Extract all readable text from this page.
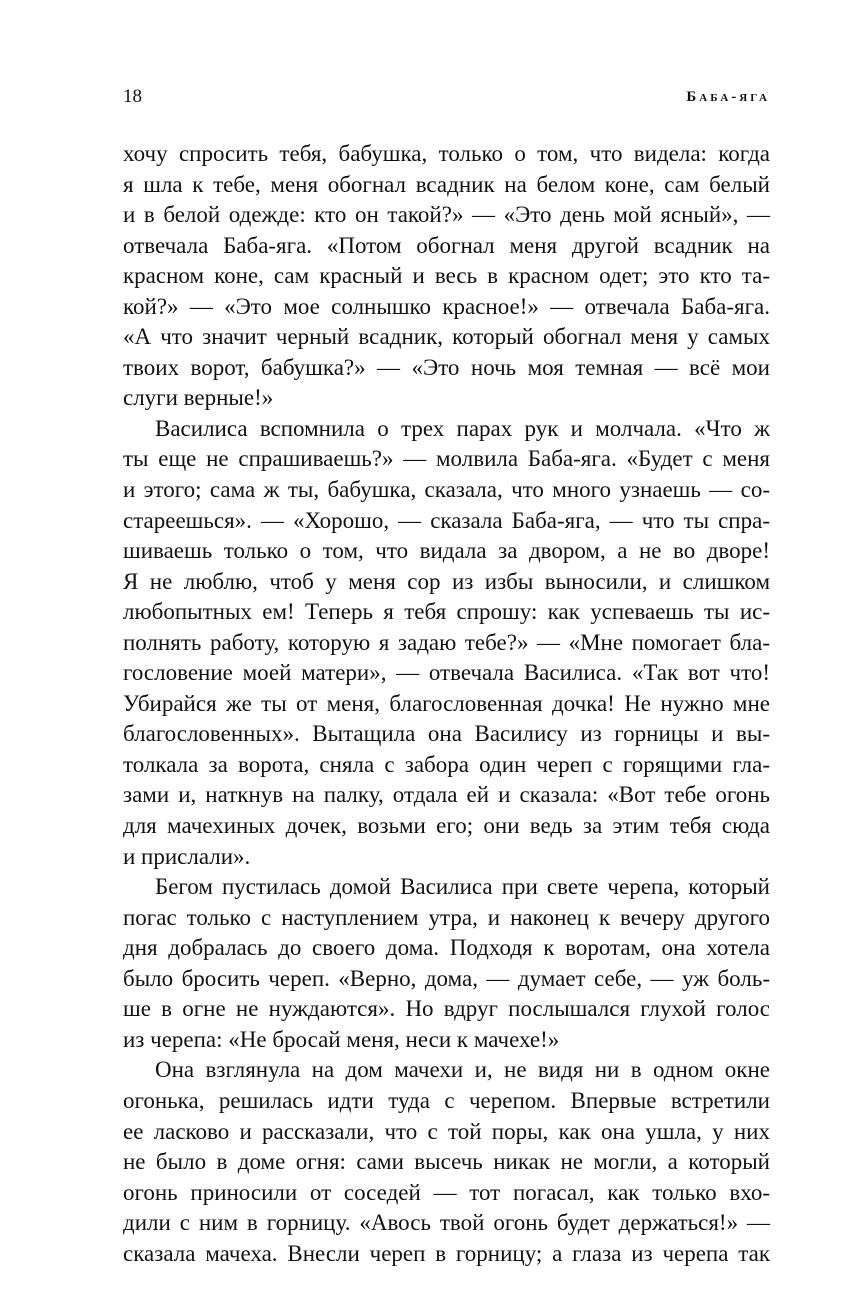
18	Баба-яга
хочу спросить тебя, бабушка, только о том, что видела: когда
я шла к тебе, меня обогнал всадник на белом коне, сам белый
и в белой одежде: кто он такой?» — «Это день мой ясный», —
отвечала Баба-яга. «Потом обогнал меня другой всадник на
красном коне, сам красный и весь в красном одет; это кто та-
кой?» — «Это мое солнышко красное!» — отвечала Баба-яга.
«А что значит черный всадник, который обогнал меня у самых
твоих ворот, бабушка?» — «Это ночь моя темная — всё мои
слуги верные!»
Василиса вспомнила о трех парах рук и молчала. «Что ж
ты еще не спрашиваешь?» — молвила Баба-яга. «Будет с меня
и этого; сама ж ты, бабушка, сказала, что много узнаешь — со-
стареешься». — «Хорошо, — сказала Баба-яга, — что ты спра-
шиваешь только о том, что видала за двором, а не во дворе!
Я не люблю, чтоб у меня сор из избы выносили, и слишком
любопытных ем! Теперь я тебя спрошу: как успеваешь ты ис-
полнять работу, которую я задаю тебе?» — «Мне помогает бла-
гословение моей матери», — отвечала Василиса. «Так вот что!
Убирайся же ты от меня, благословенная дочка! Не нужно мне
благословенных». Вытащила она Василису из горницы и вы-
толкала за ворота, сняла с забора один череп с горящими гла-
зами и, наткнув на палку, отдала ей и сказала: «Вот тебе огонь
для мачехиных дочек, возьми его; они ведь за этим тебя сюда
и прислали».
Бегом пустилась домой Василиса при свете черепа, который
погас только с наступлением утра, и наконец к вечеру другого
дня добралась до своего дома. Подходя к воротам, она хотела
было бросить череп. «Верно, дома, — думает себе, — уж боль-
ше в огне не нуждаются». Но вдруг послышался глухой голос
из черепа: «Не бросай меня, неси к мачехе!»
Она взглянула на дом мачехи и, не видя ни в одном окне
огонька, решилась идти туда с черепом. Впервые встретили
ее ласково и рассказали, что с той поры, как она ушла, у них
не было в доме огня: сами высечь никак не могли, а который
огонь приносили от соседей — тот погасал, как только вхо-
дили с ним в горницу. «Авось твой огонь будет держаться!» —
сказала мачеха. Внесли череп в горницу; а глаза из черепа так
